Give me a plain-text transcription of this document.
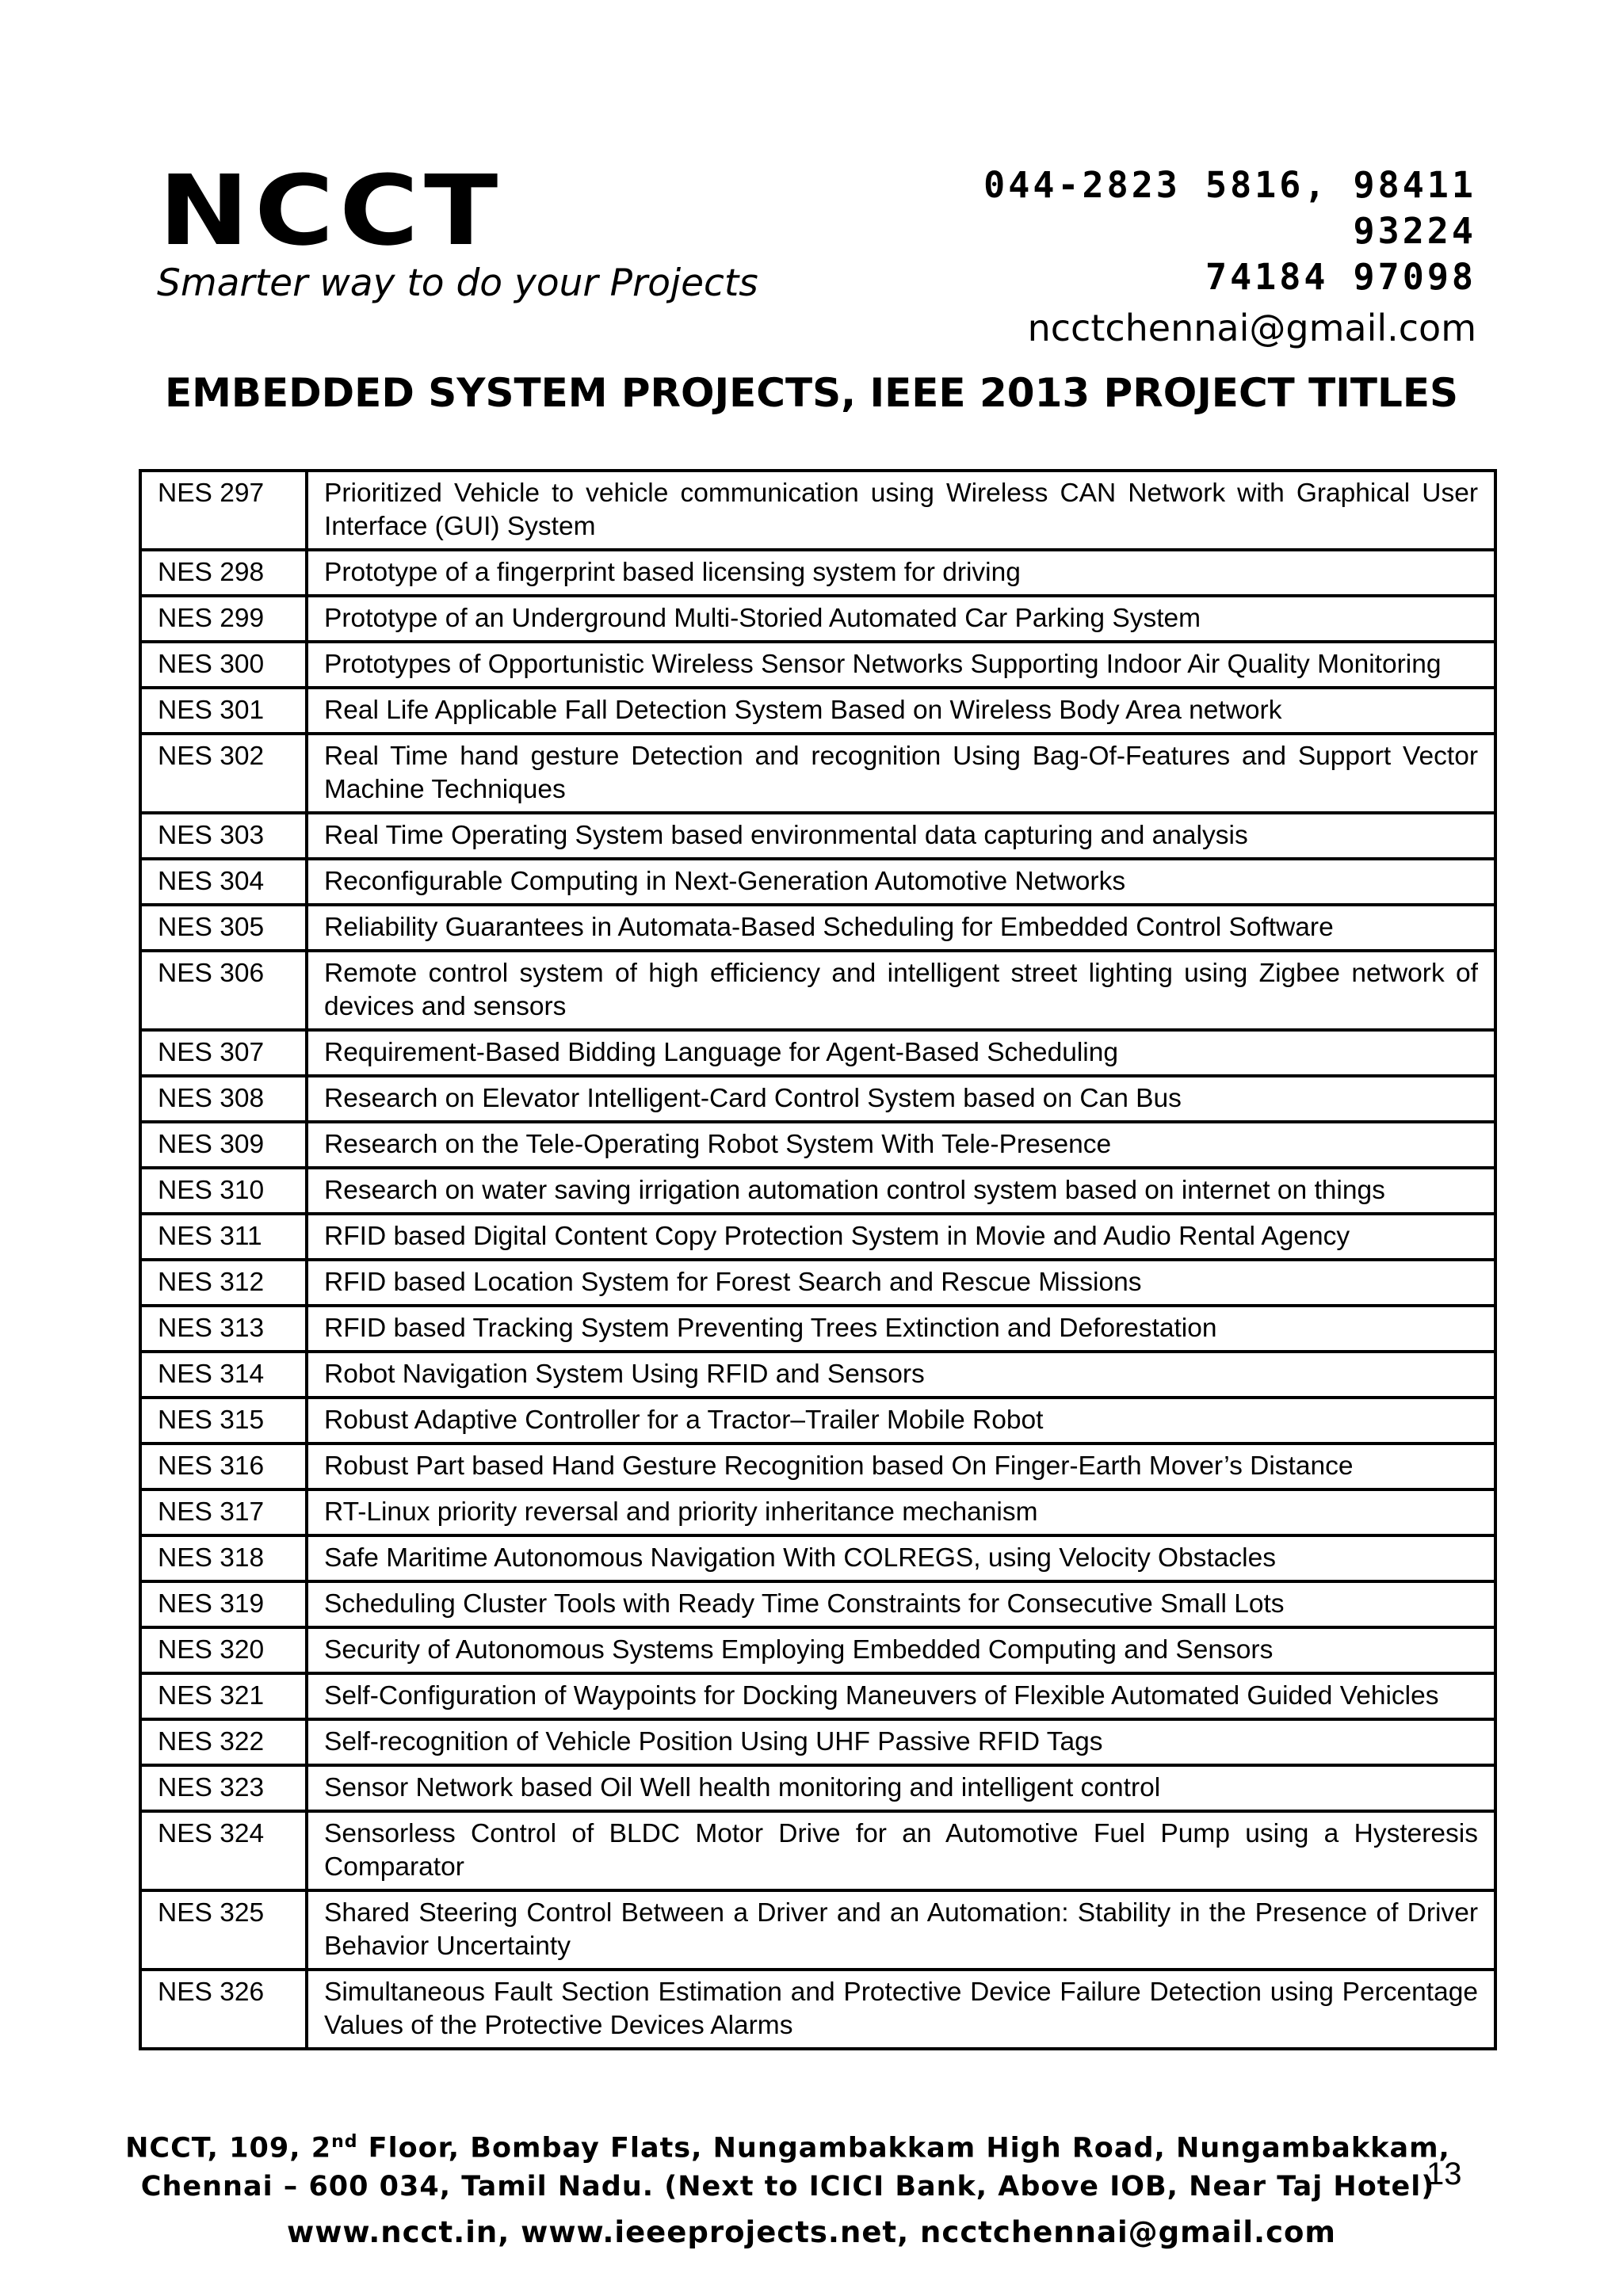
NCCT
Smarter way to do your Projects
044-2823 5816, 98411
93224
74184 97098
ncctchennai@gmail.com
EMBEDDED SYSTEM PROJECTS, IEEE 2013 PROJECT TITLES
NES 297	Prioritized Vehicle to vehicle communication using Wireless CAN Network with Graphical User Interface (GUI) System
NES 298	Prototype of a fingerprint based licensing system for driving
NES 299	Prototype of an Underground Multi-Storied Automated Car Parking System
NES 300	Prototypes of Opportunistic Wireless Sensor Networks Supporting Indoor Air Quality Monitoring
NES 301	Real Life Applicable Fall Detection System Based on Wireless Body Area network
NES 302	Real Time hand gesture Detection and recognition Using Bag-Of-Features and Support Vector Machine Techniques
NES 303	Real Time Operating System based environmental data capturing and analysis
NES 304	Reconfigurable Computing in Next-Generation Automotive Networks
NES 305	Reliability Guarantees in Automata-Based Scheduling for Embedded Control Software
NES 306	Remote control system of high efficiency and intelligent street lighting using Zigbee network of devices and sensors
NES 307	Requirement-Based Bidding Language for Agent-Based Scheduling
NES 308	Research on Elevator Intelligent-Card Control System based on Can Bus
NES 309	Research on the Tele-Operating Robot System With Tele-Presence
NES 310	Research on water saving irrigation automation control system based on internet on things
NES 311	RFID based Digital Content Copy Protection System in Movie and Audio Rental Agency
NES 312	RFID based Location System for Forest Search and Rescue Missions
NES 313	RFID based Tracking System Preventing Trees Extinction and Deforestation
NES 314	Robot Navigation System Using RFID and Sensors
NES 315	Robust Adaptive Controller for a Tractor–Trailer Mobile Robot
NES 316	Robust Part based Hand Gesture Recognition based On Finger-Earth Mover’s Distance
NES 317	RT-Linux priority reversal and priority inheritance mechanism
NES 318	Safe Maritime Autonomous Navigation With COLREGS, using Velocity Obstacles
NES 319	Scheduling Cluster Tools with Ready Time Constraints for Consecutive Small Lots
NES 320	Security of Autonomous Systems Employing Embedded Computing and Sensors
NES 321	Self-Configuration of Waypoints for Docking Maneuvers of Flexible Automated Guided Vehicles
NES 322	Self-recognition of Vehicle Position Using UHF Passive RFID Tags
NES 323	Sensor Network based Oil Well health monitoring and intelligent control
NES 324	Sensorless Control of BLDC Motor Drive for an Automotive Fuel Pump using a Hysteresis Comparator
NES 325	Shared Steering Control Between a Driver and an Automation: Stability in the Presence of Driver Behavior Uncertainty
NES 326	Simultaneous Fault Section Estimation and Protective Device Failure Detection using Percentage Values of the Protective Devices Alarms
NCCT, 109, 2nd Floor, Bombay Flats, Nungambakkam High Road, Nungambakkam,
Chennai – 600 034, Tamil Nadu. (Next to ICICI Bank, Above IOB, Near Taj Hotel)
www.ncct.in, www.ieeeprojects.net, ncctchennai@gmail.com
13
